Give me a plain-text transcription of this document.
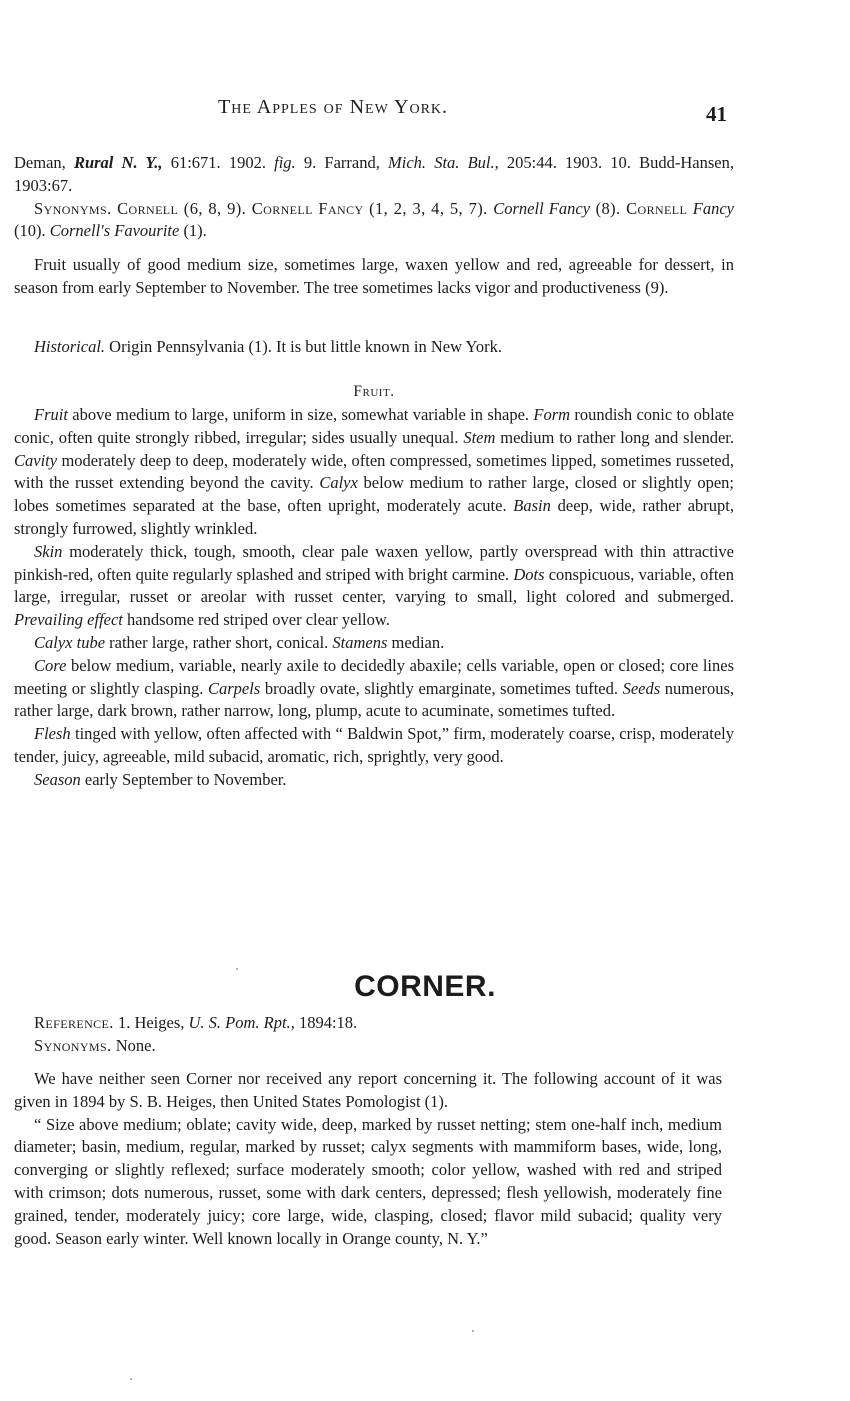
The Apples of New York.	41

Deman, Rural N. Y., 61:671. 1902. fig. 9. Farrand, Mich. Sta. Bul., 205:44. 1903. 10. Budd-Hansen, 1903:67.

Synonyms. Cornell (6, 8, 9). Cornell Fancy (1, 2, 3, 4, 5, 7). Cornell Fancy (8). Cornell Fancy (10). Cornell's Favourite (1).

Fruit usually of good medium size, sometimes large, waxen yellow and red, agreeable for dessert, in season from early September to November. The tree sometimes lacks vigor and productiveness (9).

Historical. Origin Pennsylvania (1). It is but little known in New York.

Fruit.

Fruit above medium to large, uniform in size, somewhat variable in shape. Form roundish conic to oblate conic, often quite strongly ribbed, irregular; sides usually unequal. Stem medium to rather long and slender. Cavity moderately deep to deep, moderately wide, often compressed, sometimes lipped, sometimes russeted, with the russet extending beyond the cavity. Calyx below medium to rather large, closed or slightly open; lobes sometimes separated at the base, often upright, moderately acute. Basin deep, wide, rather abrupt, strongly furrowed, slightly wrinkled.

Skin moderately thick, tough, smooth, clear pale waxen yellow, partly overspread with thin attractive pinkish-red, often quite regularly splashed and striped with bright carmine. Dots conspicuous, variable, often large, irregular, russet or areolar with russet center, varying to small, light colored and submerged. Prevailing effect handsome red striped over clear yellow.

Calyx tube rather large, rather short, conical. Stamens median.

Core below medium, variable, nearly axile to decidedly abaxile; cells variable, open or closed; core lines meeting or slightly clasping. Carpels broadly ovate, slightly emarginate, sometimes tufted. Seeds numerous, rather large, dark brown, rather narrow, long, plump, acute to acuminate, sometimes tufted.

Flesh tinged with yellow, often affected with “ Baldwin Spot,” firm, moderately coarse, crisp, moderately tender, juicy, agreeable, mild subacid, aromatic, rich, sprightly, very good.

Season early September to November.

CORNER.

Reference. 1. Heiges, U. S. Pom. Rpt., 1894:18.

Synonyms. None.

We have neither seen Corner nor received any report concerning it. The following account of it was given in 1894 by S. B. Heiges, then United States Pomologist (1).

“ Size above medium; oblate; cavity wide, deep, marked by russet netting; stem one-half inch, medium diameter; basin, medium, regular, marked by russet; calyx segments with mammiform bases, wide, long, converging or slightly reflexed; surface moderately smooth; color yellow, washed with red and striped with crimson; dots numerous, russet, some with dark centers, depressed; flesh yellowish, moderately fine grained, tender, moderately juicy; core large, wide, clasping, closed; flavor mild subacid; quality very good. Season early winter. Well known locally in Orange county, N. Y.”
